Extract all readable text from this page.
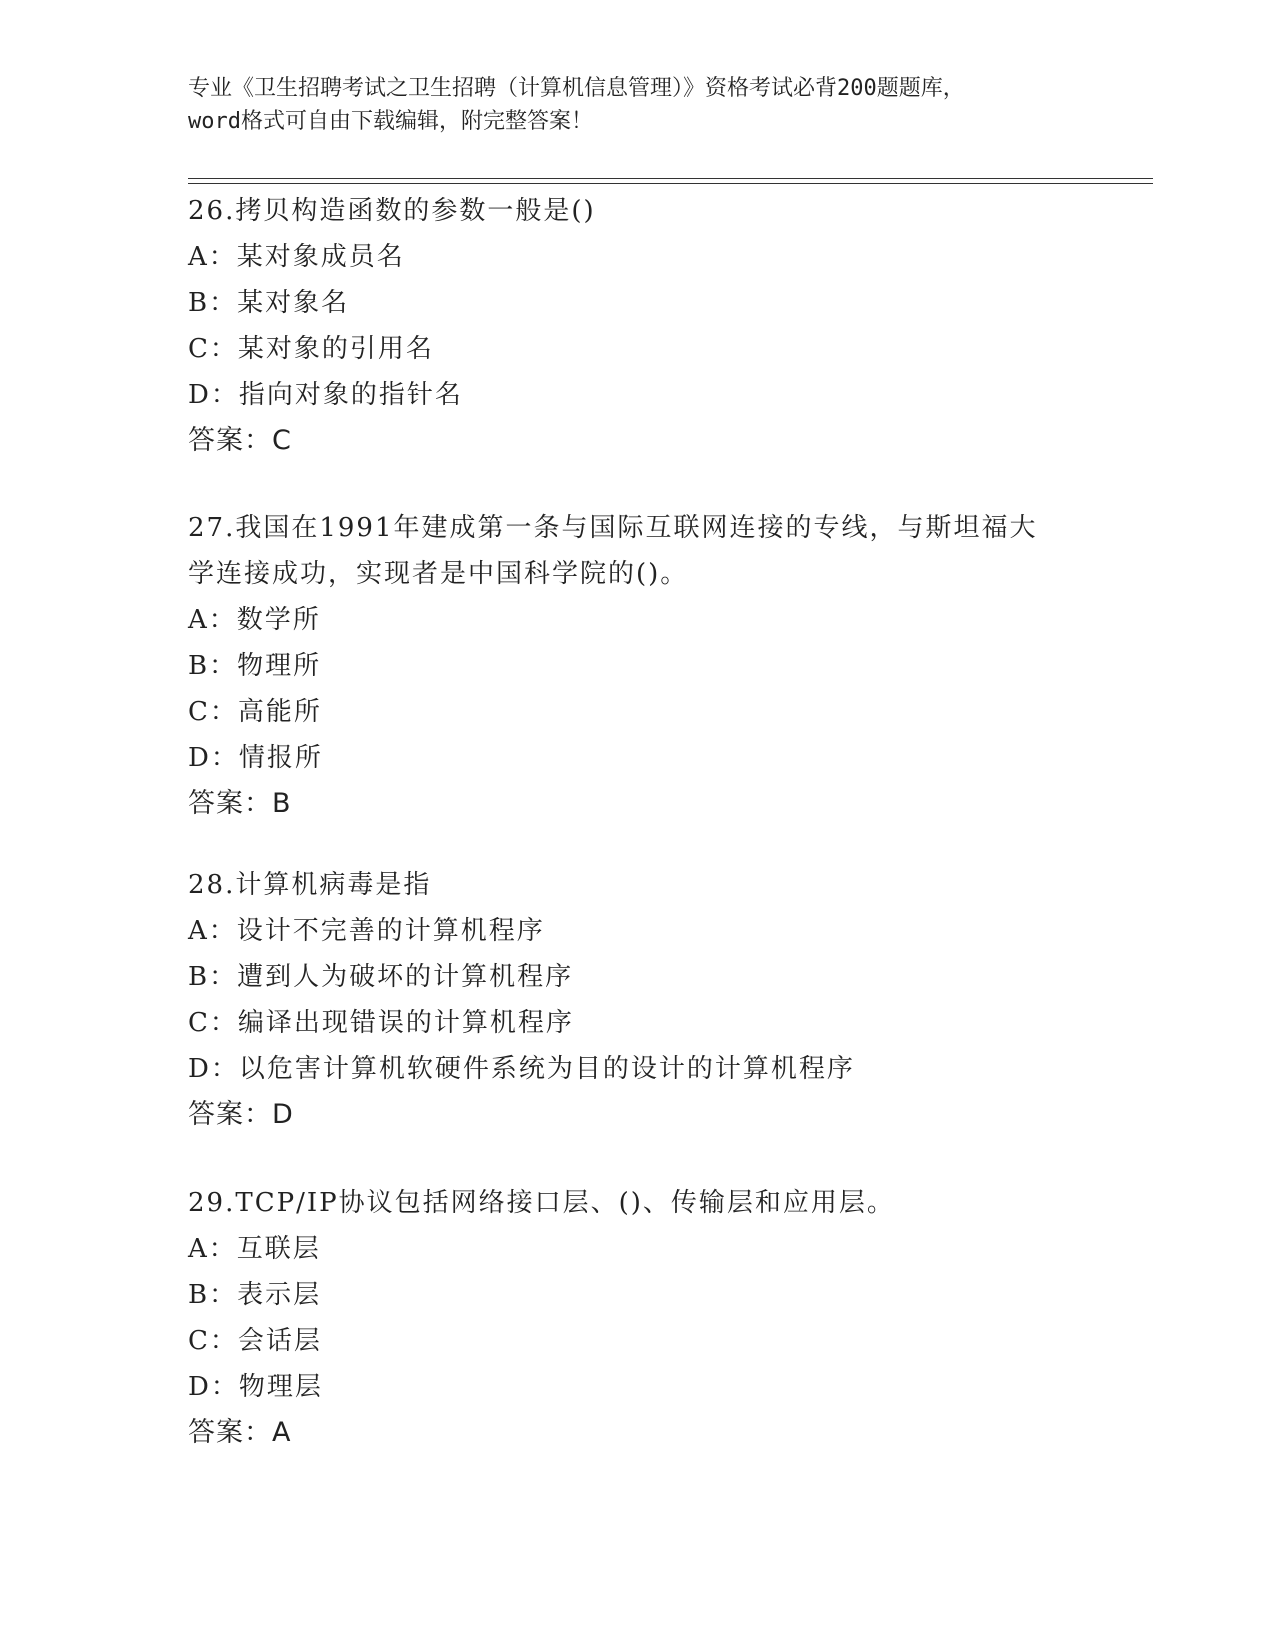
专业《卫生招聘考试之卫生招聘（计算机信息管理）》资格考试必背200题题库，
word格式可自由下载编辑，附完整答案！
26.拷贝构造函数的参数一般是()
A：某对象成员名
B：某对象名
C：某对象的引用名
D：指向对象的指针名
答案：C
27.我国在1991年建成第一条与国际互联网连接的专线，与斯坦福大
学连接成功，实现者是中国科学院的()。
A：数学所
B：物理所
C：高能所
D：情报所
答案：B
28.计算机病毒是指
A：设计不完善的计算机程序
B：遭到人为破坏的计算机程序
C：编译出现错误的计算机程序
D：以危害计算机软硬件系统为目的设计的计算机程序
答案：D
29.TCP/IP协议包括网络接口层、()、传输层和应用层。
A：互联层
B：表示层
C：会话层
D：物理层
答案：A
